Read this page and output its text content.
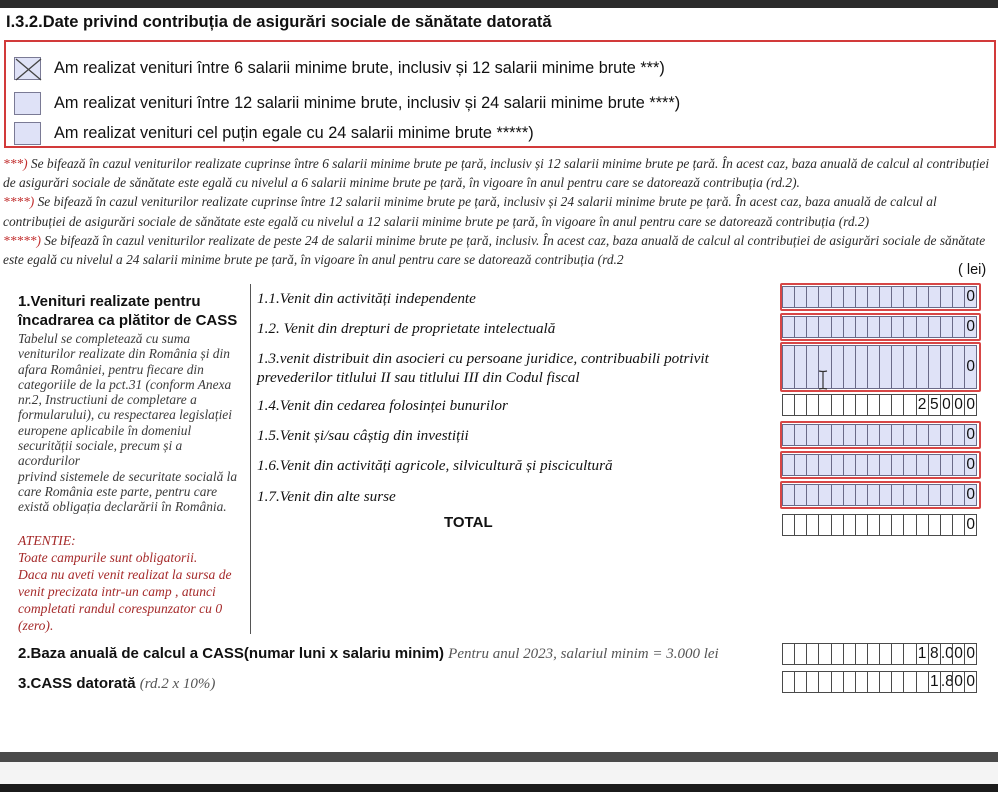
I.3.2.Date privind contribuția de asigurări sociale de sănătate datorată
Am realizat venituri între 6 salarii minime brute, inclusiv și 12 salarii minime brute ***)
Am realizat venituri între 12 salarii minime brute, inclusiv și 24 salarii minime brute ****)
Am realizat venituri cel puțin egale cu 24 salarii minime brute *****)
***) Se bifează în cazul veniturilor realizate cuprinse între 6 salarii minime brute pe țară, inclusiv și 12 salarii minime brute pe țară. În acest caz, baza anuală de calcul al contribuției
de asigurări sociale de sănătate este egală cu nivelul a 6 salarii minime brute pe țară, în vigoare în anul pentru care se datorează contribuția (rd.2).
****) Se bifează în cazul veniturilor realizate cuprinse între 12 salarii minime brute pe țară, inclusiv și 24 salarii minime brute pe țară. În acest caz, baza anuală de calcul al
contribuției de asigurări sociale de sănătate este egală cu nivelul a 12 salarii minime brute pe țară, în vigoare în anul pentru care se datorează contribuția (rd.2)
*****) Se bifează în cazul veniturilor realizate de peste 24 de salarii minime brute pe țară, inclusiv. În acest caz, baza anuală de calcul al contribuției de asigurări sociale de sănătate
este egală cu nivelul a 24 salarii minime brute pe țară, în vigoare în anul pentru care se datorează contribuția (rd.2
( lei)
1.Venituri realizate pentru
încadrarea ca plătitor de CASS
Tabelul se completează cu suma
veniturilor realizate din România și din
afara României, pentru fiecare din
categoriile de la pct.31 (conform Anexa
nr.2, Instructiuni de completare a
formularului), cu respectarea legislației
europene aplicabile în domeniul
securității sociale, precum și a acordurilor
privind sistemele de securitate socială la
care România este parte, pentru care
există obligația declarării în România.
ATENTIE:
Toate campurile sunt obligatorii.
Daca nu aveti venit realizat la sursa de
venit precizata intr-un camp , atunci
completati randul corespunzator cu 0
(zero).
1.1.Venit din activități independente
1.2. Venit din drepturi de proprietate intelectuală
1.3.venit distribuit din asocieri cu persoane juridice, contribuabili potrivit
prevederilor titlului II sau titlului III din Codul fiscal
1.4.Venit din cedarea folosinței bunurilor
1.5.Venit și/sau câștig din investiții
1.6.Venit din activități agricole, silvicultură și piscicultură
1.7.Venit din alte surse
TOTAL
0
0
0
2 5 0 0 0
0
0
0
0
1 8 .0 0 0
1 .8 0 0
2.Baza anuală de calcul a CASS(numar luni x salariu minim) Pentru anul 2023, salariul minim = 3.000 lei
3.CASS datorată (rd.2 x 10%)
